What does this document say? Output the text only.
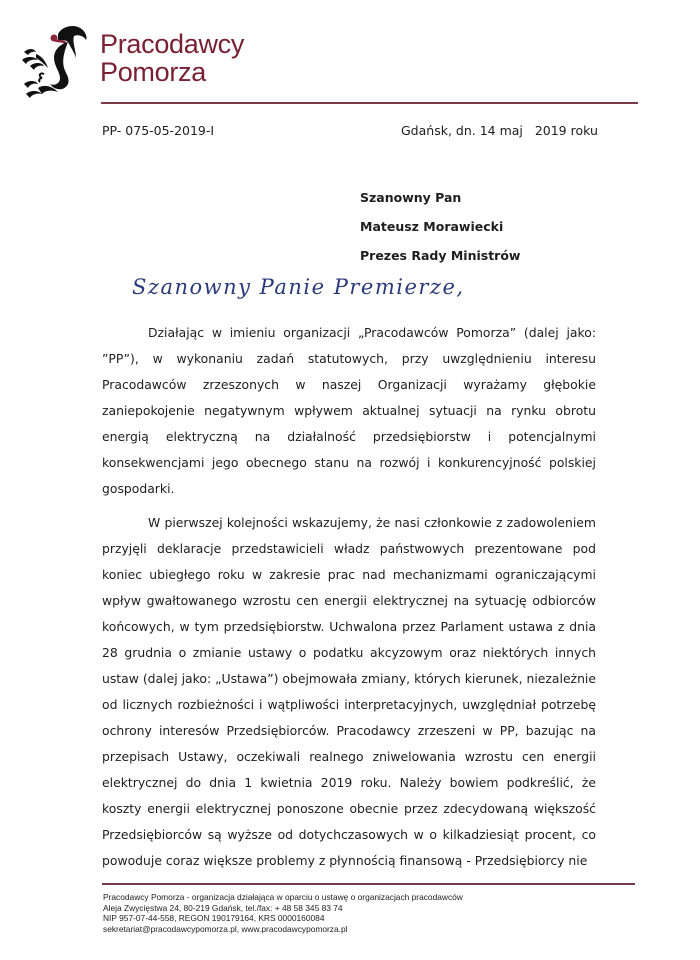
Pracodawcy
Pomorza
PP- 075-05-2019-I	Gdańsk, dn. 14 maj   2019 roku
Szanowny Pan
Mateusz Morawiecki
Prezes Rady Ministrów
Szanowny Panie Premierze,

Działając w imieniu organizacji „Pracodawców Pomorza” (dalej jako: ”PP”), w wykonaniu zadań statutowych, przy uwzględnieniu interesu Pracodawców zrzeszonych w naszej Organizacji wyrażamy głębokie zaniepokojenie negatywnym wpływem aktualnej sytuacji na rynku obrotu energią elektryczną na działalność przedsiębiorstw i potencjalnymi konsekwencjami jego obecnego stanu na rozwój i konkurencyjność polskiej gospodarki.

W pierwszej kolejności wskazujemy, że nasi członkowie z zadowoleniem przyjęli deklaracje przedstawicieli władz państwowych prezentowane pod koniec ubiegłego roku w zakresie prac nad mechanizmami ograniczającymi wpływ gwałtowanego wzrostu cen energii elektrycznej na sytuację odbiorców końcowych, w tym przedsiębiorstw. Uchwalona przez Parlament ustawa z dnia 28 grudnia o zmianie ustawy o podatku akcyzowym oraz niektórych innych ustaw (dalej jako: „Ustawa”) obejmowała zmiany, których kierunek, niezależnie od licznych rozbieżności i wątpliwości interpretacyjnych, uwzględniał potrzebę ochrony interesów Przedsiębiorców. Pracodawcy zrzeszeni w PP, bazując na przepisach Ustawy, oczekiwali realnego zniwelowania wzrostu cen energii elektrycznej do dnia 1 kwietnia 2019 roku. Należy bowiem podkreślić, że koszty energii elektrycznej ponoszone obecnie przez zdecydowaną większość Przedsiębiorców są wyższe od dotychczasowych w o kilkadziesiąt procent, co powoduje coraz większe problemy z płynnością finansową - Przedsiębiorcy nie

Pracodawcy Pomorza - organizacja działająca w oparciu o ustawę o organizacjach pracodawców
Aleja Zwycięstwa 24, 80-219 Gdańsk, tel./fax: + 48 58 345 83 74
NIP 957-07-44-558, REGON 190179164, KRS 0000160084
sekretariat@pracodawcypomorza.pl, www.pracodawcypomorza.pl
